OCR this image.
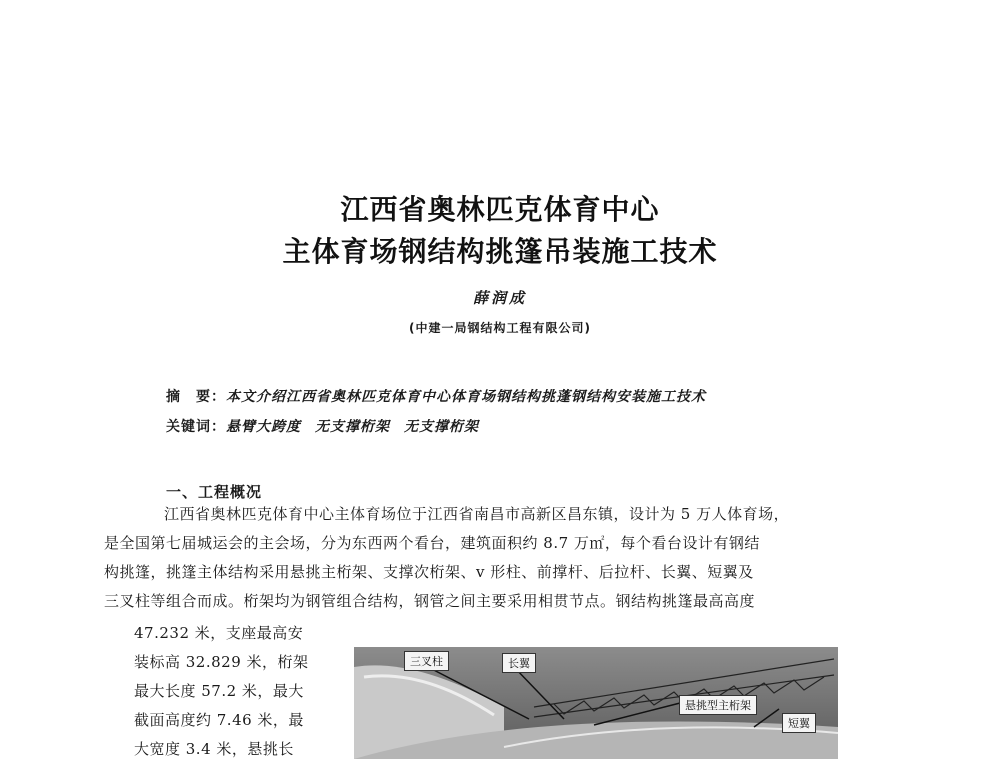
江西省奥林匹克体育中心
主体育场钢结构挑篷吊装施工技术
薛润成
(中建一局钢结构工程有限公司)
摘　要：本文介绍江西省奥林匹克体育中心体育场钢结构挑蓬钢结构安装施工技术
关键词：悬臂大跨度 无支撑桁架 无支撑桁架
一、工程概况

江西省奥林匹克体育中心主体育场位于江西省南昌市高新区昌东镇，设计为 5 万人体育场，

是全国第七届城运会的主会场，分为东西两个看台，建筑面积约 8.7 万㎡，每个看台设计有钢结

构挑篷，挑篷主体结构采用悬挑主桁架、支撑次桁架、v 形柱、前撑杆、后拉杆、长翼、短翼及

三叉柱等组合而成。桁架均为钢管组合结构，钢管之间主要采用相贯节点。钢结构挑篷最高高度

47.232 米，支座最高安
装标高 32.829 米，桁架
最大长度 57.2 米，最大
截面高度约 7.46 米，最
大宽度 3.4 米，悬挑长
三叉柱	长翼
悬挑型主桁架
短翼
